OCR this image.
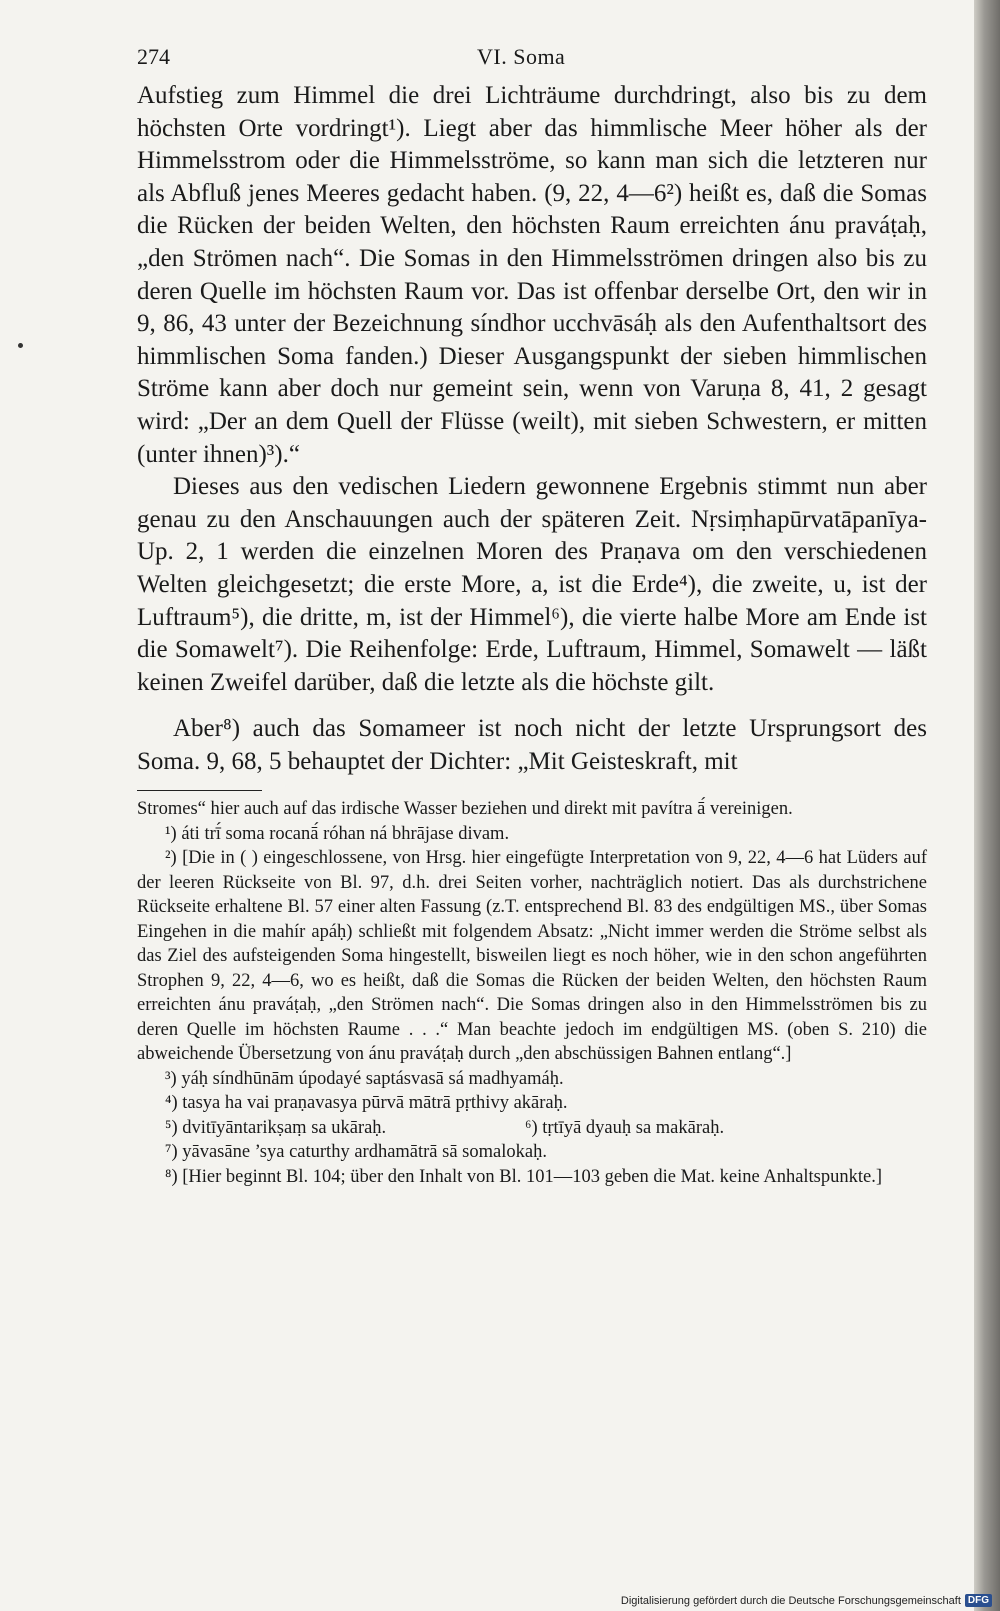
274	VI. Soma

Aufstieg zum Himmel die drei Lichträume durchdringt, also bis zu dem höchsten Orte vordringt¹). Liegt aber das himmlische Meer höher als der Himmelsstrom oder die Himmelsströme, so kann man sich die letzteren nur als Abfluß jenes Meeres gedacht haben. (9, 22, 4—6²) heißt es, daß die Somas die Rücken der beiden Welten, den höchsten Raum erreichten ánu praváṭaḥ, „den Strömen nach“. Die Somas in den Himmelsströmen dringen also bis zu deren Quelle im höchsten Raum vor. Das ist offenbar derselbe Ort, den wir in 9, 86, 43 unter der Bezeichnung síndhor ucchvāsáḥ als den Aufenthaltsort des himmlischen Soma fanden.) Dieser Ausgangspunkt der sieben himmlischen Ströme kann aber doch nur gemeint sein, wenn von Varuṇa 8, 41, 2 gesagt wird: „Der an dem Quell der Flüsse (weilt), mit sieben Schwestern, er mitten (unter ihnen)³).“

Dieses aus den vedischen Liedern gewonnene Ergebnis stimmt nun aber genau zu den Anschauungen auch der späteren Zeit. Nṛsiṃhapūrvatāpanīya-Up. 2, 1 werden die einzelnen Moren des Praṇava om den verschiedenen Welten gleichgesetzt; die erste More, a, ist die Erde⁴), die zweite, u, ist der Luftraum⁵), die dritte, m, ist der Himmel⁶), die vierte halbe More am Ende ist die Somawelt⁷). Die Reihenfolge: Erde, Luftraum, Himmel, Somawelt — läßt keinen Zweifel darüber, daß die letzte als die höchste gilt.

Aber⁸) auch das Somameer ist noch nicht der letzte Ursprungsort des Soma. 9, 68, 5 behauptet der Dichter: „Mit Geisteskraft, mit

Stromes“ hier auch auf das irdische Wasser beziehen und direkt mit pavítra ā́ vereinigen.

¹) áti trī́ soma rocanā́ róhan ná bhrājase divam.

²) [Die in ( ) eingeschlossene, von Hrsg. hier eingefügte Interpretation von 9, 22, 4—6 hat Lüders auf der leeren Rückseite von Bl. 97, d.h. drei Seiten vorher, nachträglich notiert. Das als durchstrichene Rückseite erhaltene Bl. 57 einer alten Fassung (z.T. entsprechend Bl. 83 des endgültigen MS., über Somas Eingehen in die mahír apáḥ) schließt mit folgendem Absatz: „Nicht immer werden die Ströme selbst als das Ziel des aufsteigenden Soma hingestellt, bisweilen liegt es noch höher, wie in den schon angeführten Strophen 9, 22, 4—6, wo es heißt, daß die Somas die Rücken der beiden Welten, den höchsten Raum erreichten ánu praváṭaḥ, „den Strömen nach“. Die Somas dringen also in den Himmelsströmen bis zu deren Quelle im höchsten Raume . . .“ Man beachte jedoch im endgültigen MS. (oben S. 210) die abweichende Übersetzung von ánu praváṭaḥ durch „den abschüssigen Bahnen entlang“.]

³) yáḥ síndhūnām úpodayé saptásvasā sá madhyamáḥ.

⁴) tasya ha vai praṇavasya pūrvā mātrā pṛthivy akāraḥ.

⁵) dvitīyāntarikṣaṃ sa ukāraḥ.	⁶) tṛtīyā dyauḥ sa makāraḥ.

⁷) yāvasāne ’sya caturthy ardhamātrā sā somalokaḥ.

⁸) [Hier beginnt Bl. 104; über den Inhalt von Bl. 101—103 geben die Mat. keine Anhaltspunkte.]

Digitalisierung gefördert durch die Deutsche Forschungsgemeinschaft DFG
